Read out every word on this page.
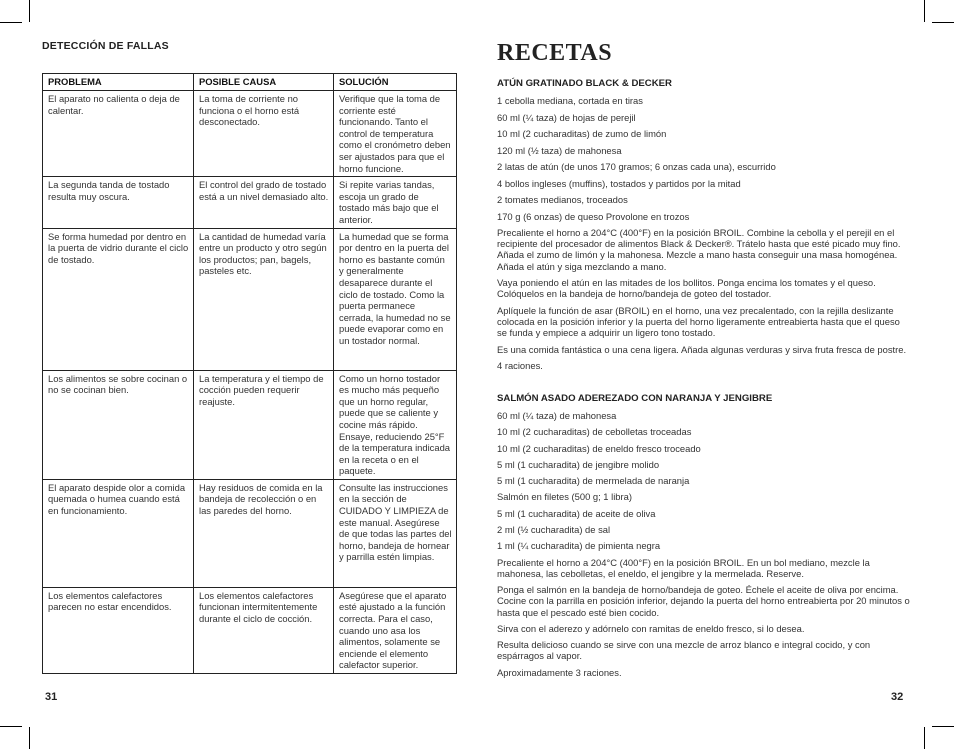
DETECCIÓN DE FALLAS
PROBLEMA	POSIBLE CAUSA	SOLUCIÓN
El aparato no calienta o deja de calentar.	La toma de corriente no funciona o el horno está desconectado.	Verifique que la toma de corriente esté funcionando. Tanto el control de temperatura como el cronómetro deben ser ajustados para que el horno funcione.
La segunda tanda de tostado resulta muy oscura.	El control del grado de tostado está a un nivel demasiado alto.	Si repite varias tandas, escoja un grado de tostado más bajo que el anterior.
Se forma humedad por dentro en la puerta de vidrio durante el ciclo de tostado.	La cantidad de humedad varía entre un producto y otro según los productos; pan, bagels, pasteles etc.	La humedad que se forma por dentro en la puerta del horno es bastante común y generalmente desaparece durante el ciclo de tostado. Como la puerta permanece cerrada, la humedad no se puede evaporar como en un tostador normal.
Los alimentos se sobre cocinan o no se cocinan bien.	La temperatura y el tiempo de cocción pueden requerir reajuste.	Como un horno tostador es mucho más pequeño que un horno regular, puede que se caliente y cocine más rápido. Ensaye, reduciendo 25°F de la temperatura indicada en la receta o en el paquete.
El aparato despide olor a comida quemada o humea cuando está en funcionamiento.	Hay residuos de comida en la bandeja de recolección o en las paredes del horno.	Consulte las instrucciones en la sección de CUIDADO Y LIMPIEZA de este manual. Asegúrese de que todas las partes del horno, bandeja de hornear y parrilla estén limpias.
Los elementos calefactores parecen no estar encendidos.	Los elementos calefactores funcionan intermitentemente durante el ciclo de cocción.	Asegúrese que el aparato esté ajustado a la función correcta. Para el caso, cuando uno asa los alimentos, solamente se enciende el elemento calefactor superior.
31
RECETAS
ATÚN GRATINADO BLACK & DECKER

1 cebolla mediana, cortada en tiras

60 ml (¼ taza) de hojas de perejil

10 ml (2 cucharaditas) de zumo de limón

120 ml (½ taza) de mahonesa

2 latas de atún (de unos 170 gramos; 6 onzas cada una), escurrido

4 bollos ingleses (muffins), tostados y partidos por la mitad

2 tomates medianos, troceados

170 g (6 onzas) de queso Provolone en trozos

Precaliente el horno a 204°C (400°F) en la posición BROIL. Combine la cebolla y el perejil en el recipiente del procesador de alimentos Black & Decker®. Trátelo hasta que esté picado muy fino. Añada el zumo de limón y la mahonesa. Mezcle a mano hasta conseguir una masa homogénea. Añada el atún y siga mezclando a mano.

Vaya poniendo el atún en las mitades de los bollitos. Ponga encima los tomates y el queso. Colóquelos en la bandeja de horno/bandeja de goteo del tostador.

Aplíquele la función de asar (BROIL) en el horno, una vez precalentado, con la rejilla deslizante colocada en la posición inferior y la puerta del horno ligeramente entreabierta hasta que el queso se funda y empiece a adquirir un ligero tono tostado.

Es una comida fantástica o una cena ligera. Añada algunas verduras y sirva fruta fresca de postre.

4 raciones.

SALMÓN ASADO ADEREZADO CON NARANJA Y JENGIBRE

60 ml (¼ taza) de mahonesa

10 ml (2 cucharaditas) de cebolletas troceadas

10 ml (2 cucharaditas) de eneldo fresco troceado

5 ml (1 cucharadita) de jengibre molido

5 ml (1 cucharadita) de mermelada de naranja

Salmón en filetes (500 g; 1 libra)

5 ml (1 cucharadita) de aceite de oliva

2 ml (½ cucharadita) de sal

1 ml (¼ cucharadita) de pimienta negra

Precaliente el horno a 204°C (400°F) en la posición BROIL. En un bol mediano, mezcle la mahonesa, las cebolletas, el eneldo, el jengibre y la mermelada. Reserve.

Ponga el salmón en la bandeja de horno/bandeja de goteo. Échele el aceite de oliva por encima. Cocine con la parrilla en posición inferior, dejando la puerta del horno entreabierta por 20 minutos o hasta que el pescado esté bien cocido.

Sirva con el aderezo y adórnelo con ramitas de eneldo fresco, si lo desea.

Resulta delicioso cuando se sirve con una mezcle de arroz blanco e integral cocido, y con espárragos al vapor.

Aproximadamente 3 raciones.

32
